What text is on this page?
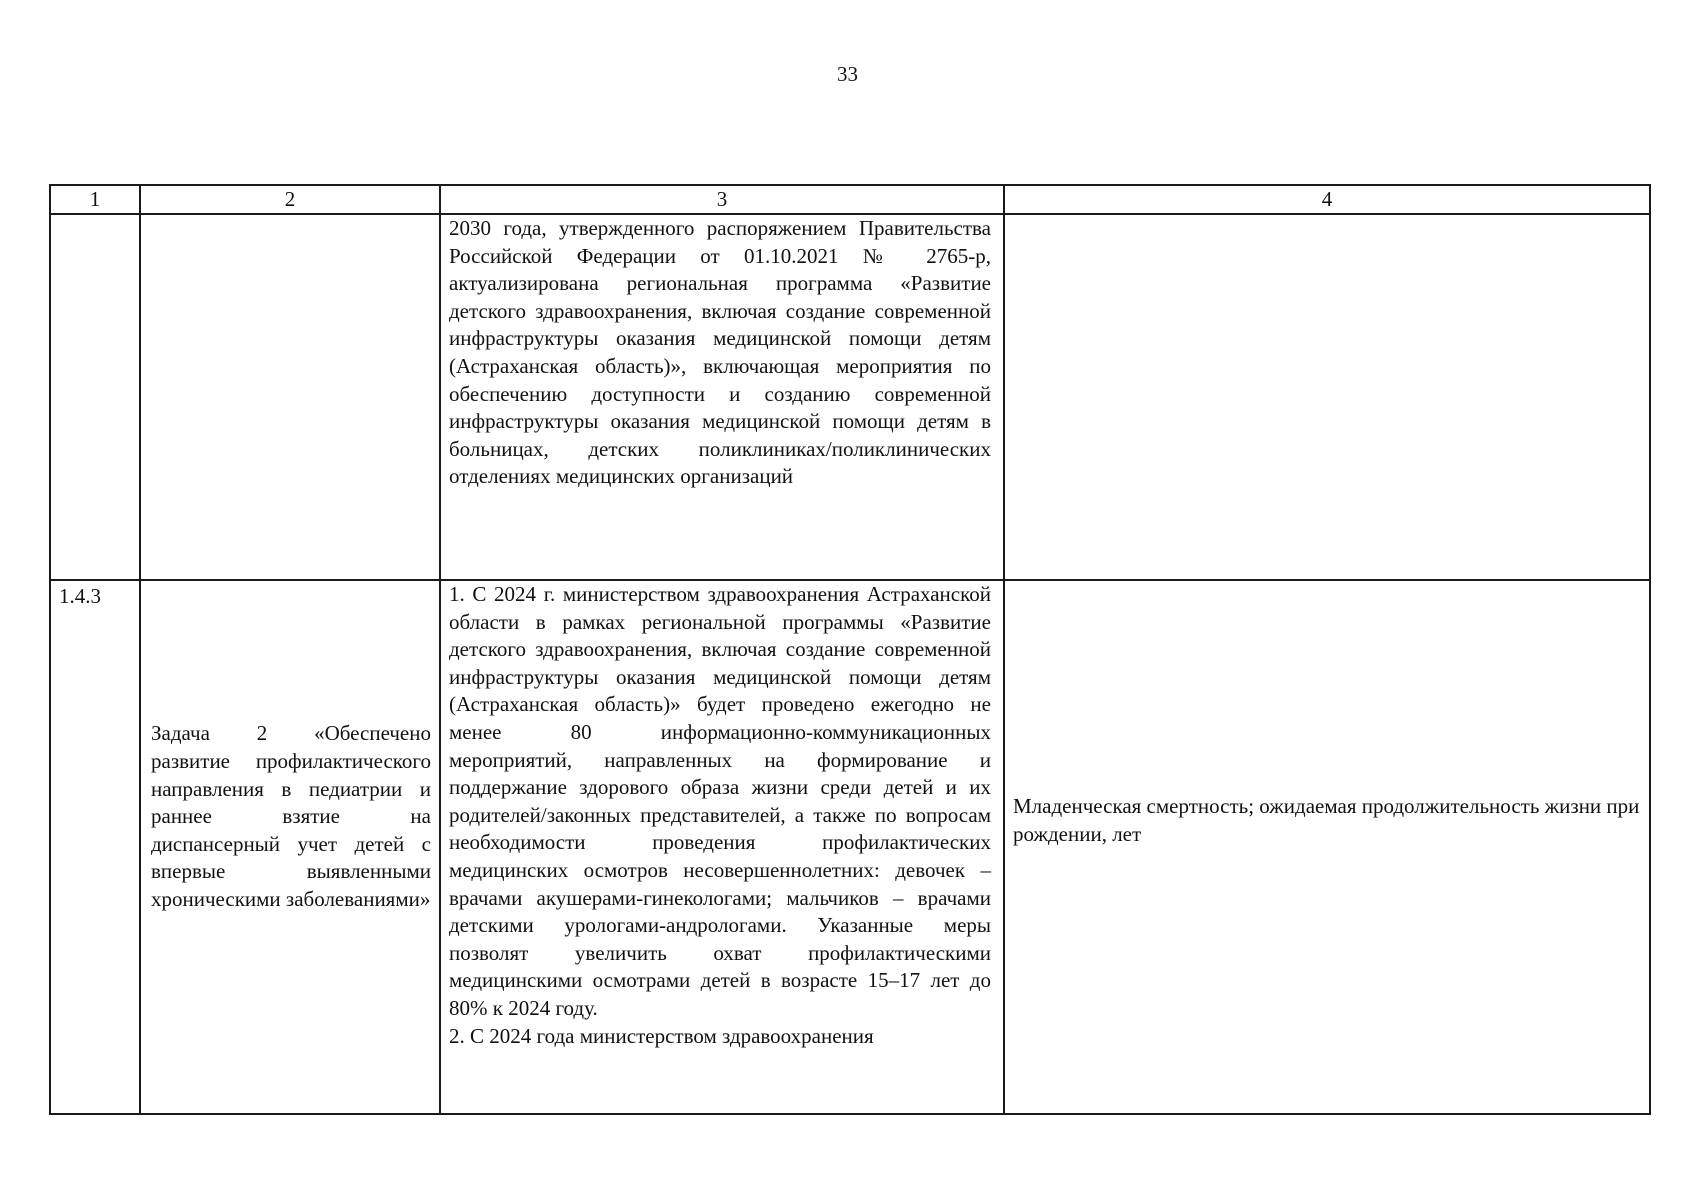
33
1	2	3	4
		2030 года, утвержденного распоряжением Правительства Российской Федерации от 01.10.2021 № 2765-р, актуализирована региональная программа «Развитие детского здравоохранения, включая создание современной инфраструктуры оказания медицинской помощи детям (Астраханская область)», включающая мероприятия по обеспечению доступности и созданию современной инфраструктуры оказания медицинской помощи детям в больницах, детских поликлиниках/поликлинических отделениях медицинских организаций	
1.4.3	Задача 2 «Обеспечено развитие профилактического направления в педиатрии и раннее взятие на диспансерный учет детей с впервые выявленными хроническими заболеваниями»	1. С 2024 г. министерством здравоохранения Астраханской области в рамках региональной программы «Развитие детского здравоохранения, включая создание современной инфраструктуры оказания медицинской помощи детям (Астраханская область)» будет проведено ежегодно не менее 80 информационно-коммуникационных мероприятий, направленных на формирование и поддержание здорового образа жизни среди детей и их родителей/законных представителей, а также по вопросам необходимости проведения профилактических медицинских осмотров несовершеннолетних: девочек – врачами акушерами-гинекологами; мальчиков – врачами детскими урологами-андрологами. Указанные меры позволят увеличить охват профилактическими медицинскими осмотрами детей в возрасте 15–17 лет до 80% к 2024 году.
2. С 2024 года министерством здравоохранения	Младенческая смертность; ожидаемая продолжительность жизни при рождении, лет
